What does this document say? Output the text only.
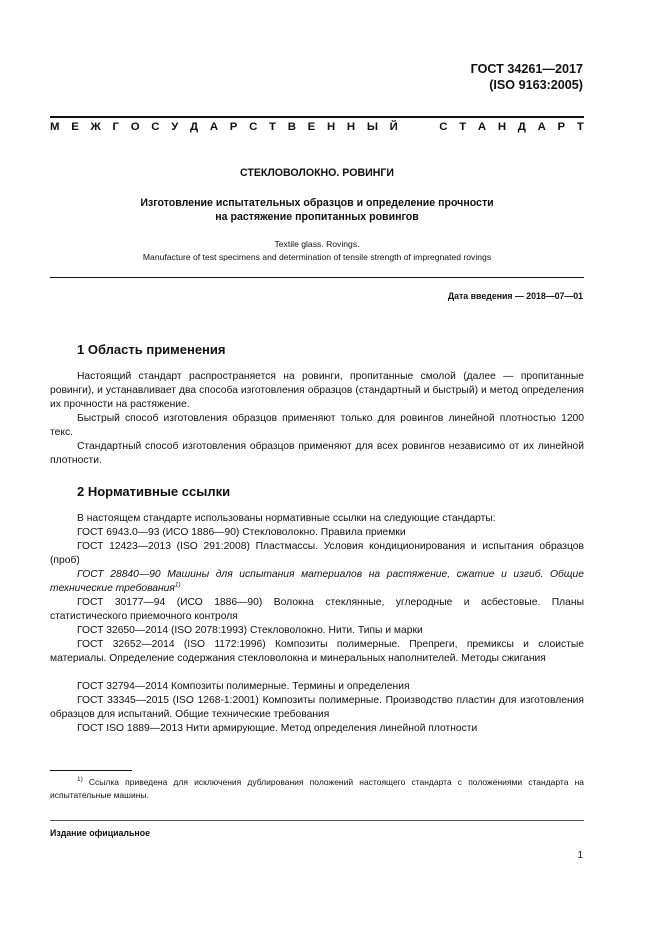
ГОСТ 34261—2017
(ISO 9163:2005)
М Е Ж Г О С У Д А Р С Т В Е Н Н Ы Й	С Т А Н Д А Р Т
СТЕКЛОВОЛОКНО. РОВИНГИ
Изготовление испытательных образцов и определение прочности
на растяжение пропитанных ровингов
Textile glass. Rovings.
Manufacture of test specimens and determination of tensile strength of impregnated rovings
Дата введения — 2018—07—01
1 Область применения

Настоящий стандарт распространяется на ровинги, пропитанные смолой (далее — пропитанные ровинги), и устанавливает два способа изготовления образцов (стандартный и быстрый) и метод определения их прочности на растяжение.

Быстрый способ изготовления образцов применяют только для ровингов линейной плотностью 1200 текс.

Стандартный способ изготовления образцов применяют для всех ровингов независимо от их линейной плотности.

2 Нормативные ссылки

В настоящем стандарте использованы нормативные ссылки на следующие стандарты:

ГОСТ 6943.0—93 (ИСО 1886—90) Стекловолокно. Правила приемки

ГОСТ 12423—2013 (ISO 291:2008) Пластмассы. Условия кондиционирования и испытания образцов (проб)

ГОСТ 28840—90 Машины для испытания материалов на растяжение, сжатие и изгиб. Общие технические требования$^{1)}$

ГОСТ 30177—94 (ИСО 1886—90) Волокна стеклянные, углеродные и асбестовые. Планы статистического приемочного контроля

ГОСТ 32650—2014 (ISO 2078:1993) Стекловолокно. Нити. Типы и марки

ГОСТ 32652—2014 (ISO 1172:1996) Композиты полимерные. Препреги, премиксы и слоистые материалы. Определение содержания стекловолокна и минеральных наполнителей. Методы сжигания

ГОСТ 32794—2014 Композиты полимерные. Термины и определения

ГОСТ 33345—2015 (ISO 1268-1:2001) Композиты полимерные. Производство пластин для изготовления образцов для испытаний. Общие технические требования

ГОСТ ISO 1889—2013 Нити армирующие. Метод определения линейной плотности

$^{1)}$ Ссылка приведена для исключения дублирования положений настоящего стандарта с положениями стандарта на испытательные машины.

Издание официальное
1
